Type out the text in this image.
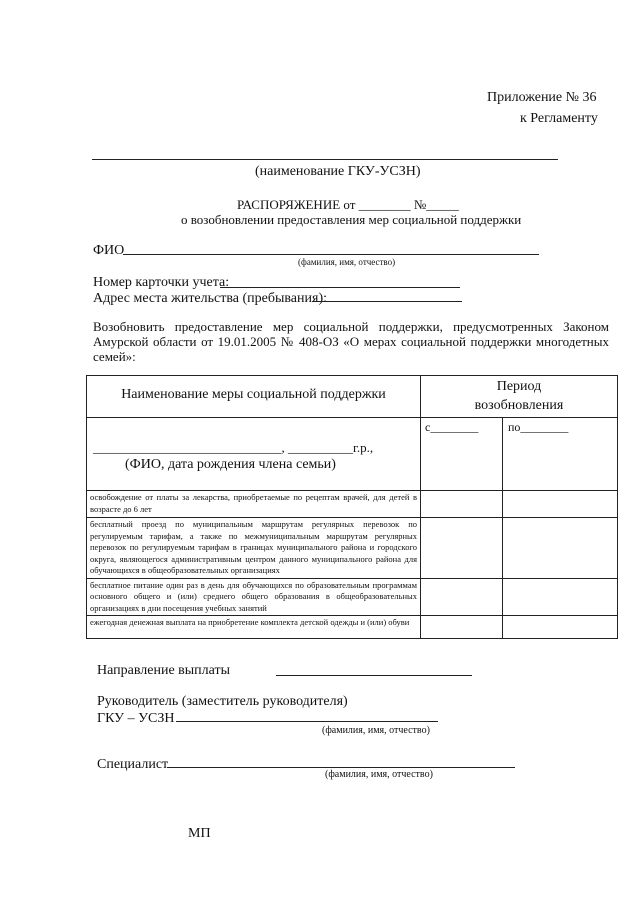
Приложение № 36
к Регламенту
(наименование ГКУ-УСЗН)
РАСПОРЯЖЕНИЕ от ________ №_____
о возобновлении предоставления мер социальной поддержки
ФИО
(фамилия, имя, отчество)
Номер карточки учета:
Адрес места жительства (пребывания):
Возобновить предоставление мер социальной поддержки, предусмотренных Законом Амурской области от 19.01.2005 № 408-ОЗ «О мерах социальной поддержки многодетных семей»:
Наименование меры социальной поддержки	Период возобновления	

_____________________________, __________г.р.,
(ФИО, дата рождения члена семьи)	с________	по________

освобождение от платы за лекарства, приобретаемые по рецептам врачей, для детей в возрасте до 6 лет		
бесплатный проезд по муниципальным маршрутам регулярных перевозок по регулируемым тарифам, а также по межмуниципальным маршрутам регулярных перевозок по регулируемым тарифам в границах муниципального района и городского округа, являющегося административным центром данного муниципального района для обучающихся в общеобразовательных организациях		
бесплатное питание один раз в день для обучающихся по образовательным программам основного общего и (или) среднего общего образования в общеобразовательных организациях в дни посещения учебных занятий		
ежегодная денежная выплата на приобретение комплекта детской одежды и (или) обуви		
Направление выплаты
Руководитель (заместитель руководителя)
ГКУ – УСЗН
(фамилия, имя, отчество)
Специалист
(фамилия, имя, отчество)
МП
